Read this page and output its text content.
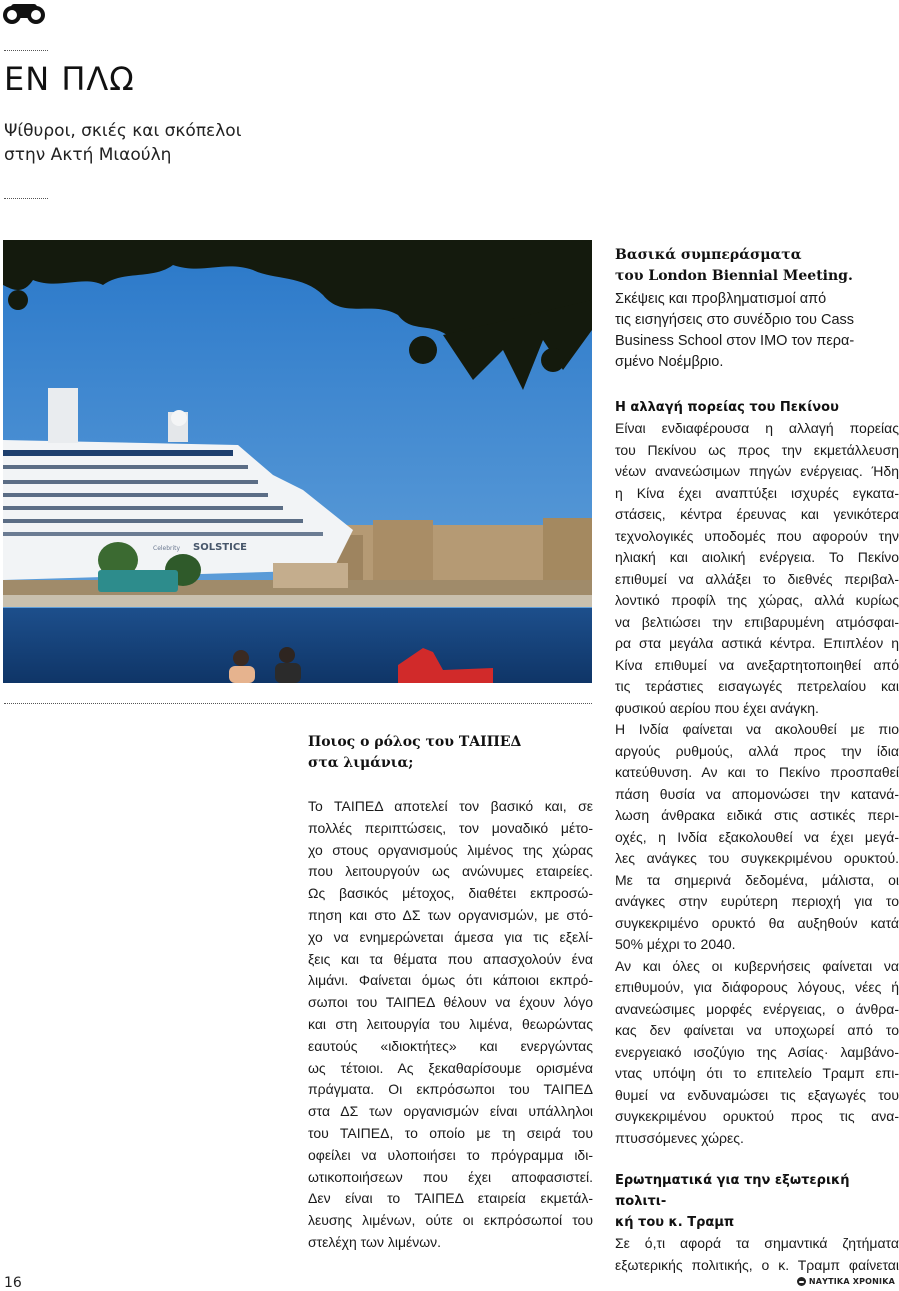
ΕΝ ΠΛΩ
Ψίθυροι, σκιές και σκόπελοι
στην Ακτή Μιαούλη
SOLSTICE
Celebrity
Ποιος ο ρόλος του ΤΑΙΠΕΔ
στα λιμάνια;

Το ΤΑΙΠΕΔ αποτελεί τον βασικό και, σε
πολλές περιπτώσεις, τον μοναδικό μέτο-
χο στους οργανισμούς λιμένος της χώρας
που λειτουργούν ως ανώνυμες εταιρείες.
Ως βασικός μέτοχος, διαθέτει εκπροσώ-
πηση και στο ΔΣ των οργανισμών, με στό-
χο να ενημερώνεται άμεσα για τις εξελί-
ξεις και τα θέματα που απασχολούν ένα
λιμάνι. Φαίνεται όμως ότι κάποιοι εκπρό-
σωποι του ΤΑΙΠΕΔ θέλουν να έχουν λόγο
και στη λειτουργία του λιμένα, θεωρώντας
εαυτούς «ιδιοκτήτες» και ενεργώντας
ως τέτοιοι. Ας ξεκαθαρίσουμε ορισμένα
πράγματα. Οι εκπρόσωποι του ΤΑΙΠΕΔ
στα ΔΣ των οργανισμών είναι υπάλληλοι
του ΤΑΙΠΕΔ, το οποίο με τη σειρά του
οφείλει να υλοποιήσει το πρόγραμμα ιδι-
ωτικοποιήσεων που έχει αποφασιστεί.
Δεν είναι το ΤΑΙΠΕΔ εταιρεία εκμετάλ-
λευσης λιμένων, ούτε οι εκπρόσωποί του
στελέχη των λιμένων.

Βασικά συμπεράσματα
του London Biennial Meeting.

Σκέψεις και προβληματισμοί από
τις εισηγήσεις στο συνέδριο του Cass
Business School στον IMO τον περα-
σμένο Νοέμβριο.

Η αλλαγή πορείας του Πεκίνου

Είναι ενδιαφέρουσα η αλλαγή πορείας
του Πεκίνου ως προς την εκμετάλλευση
νέων ανανεώσιμων πηγών ενέργειας. Ήδη
η Κίνα έχει αναπτύξει ισχυρές εγκατα-
στάσεις, κέντρα έρευνας και γενικότερα
τεχνολογικές υποδομές που αφορούν την
ηλιακή και αιολική ενέργεια. Το Πεκίνο
επιθυμεί να αλλάξει το διεθνές περιβαλ-
λοντικό προφίλ της χώρας, αλλά κυρίως
να βελτιώσει την επιβαρυμένη ατμόσφαι-
ρα στα μεγάλα αστικά κέντρα. Επιπλέον η
Κίνα επιθυμεί να ανεξαρτητοποιηθεί από
τις τεράστιες εισαγωγές πετρελαίου και
φυσικού αερίου που έχει ανάγκη.

Η Ινδία φαίνεται να ακολουθεί με πιο
αργούς ρυθμούς, αλλά προς την ίδια
κατεύθυνση. Αν και το Πεκίνο προσπαθεί
πάση θυσία να απομονώσει την κατανά-
λωση άνθρακα ειδικά στις αστικές περι-
οχές, η Ινδία εξακολουθεί να έχει μεγά-
λες ανάγκες του συγκεκριμένου ορυκτού.
Με τα σημερινά δεδομένα, μάλιστα, οι
ανάγκες στην ευρύτερη περιοχή για το
συγκεκριμένο ορυκτό θα αυξηθούν κατά
50% μέχρι το 2040.

Αν και όλες οι κυβερνήσεις φαίνεται να
επιθυμούν, για διάφορους λόγους, νέες ή
ανανεώσιμες μορφές ενέργειας, ο άνθρα-
κας δεν φαίνεται να υποχωρεί από το
ενεργειακό ισοζύγιο της Ασίας· λαμβάνο-
ντας υπόψη ότι το επιτελείο Τραμπ επι-
θυμεί να ενδυναμώσει τις εξαγωγές του
συγκεκριμένου ορυκτού προς τις ανα-
πτυσσόμενες χώρες.

Ερωτηματικά για την εξωτερική πολιτι-
κή του κ. Τραμπ

Σε ό,τι αφορά τα σημαντικά ζητήματα
εξωτερικής πολιτικής, ο κ. Τραμπ φαίνεται

16	ΝΑΥΤΙΚΑ ΧΡΟΝΙΚΑ
